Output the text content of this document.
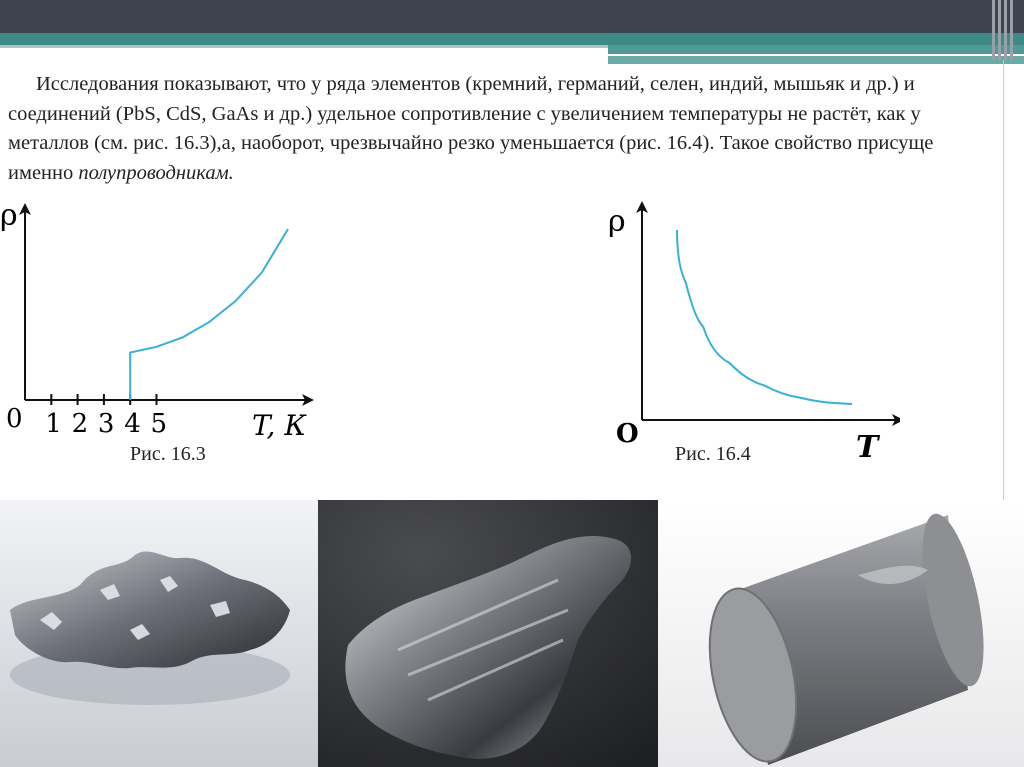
Исследования показывают, что у ряда элементов (кремний, германий, селен, индий, мышьяк и др.) и соединений (PbS, CdS, GaAs и др.) удельное сопротивление с увеличением температуры не растёт, как у металлов (см. рис. 16.3),а, наоборот, чрезвычайно резко уменьшается (рис. 16.4). Такое свойство присуще именно полупроводникам.

1 2 3 4 5
ρ
0	T, К
Рис. 16.3
ρ
O	T
Рис. 16.4
